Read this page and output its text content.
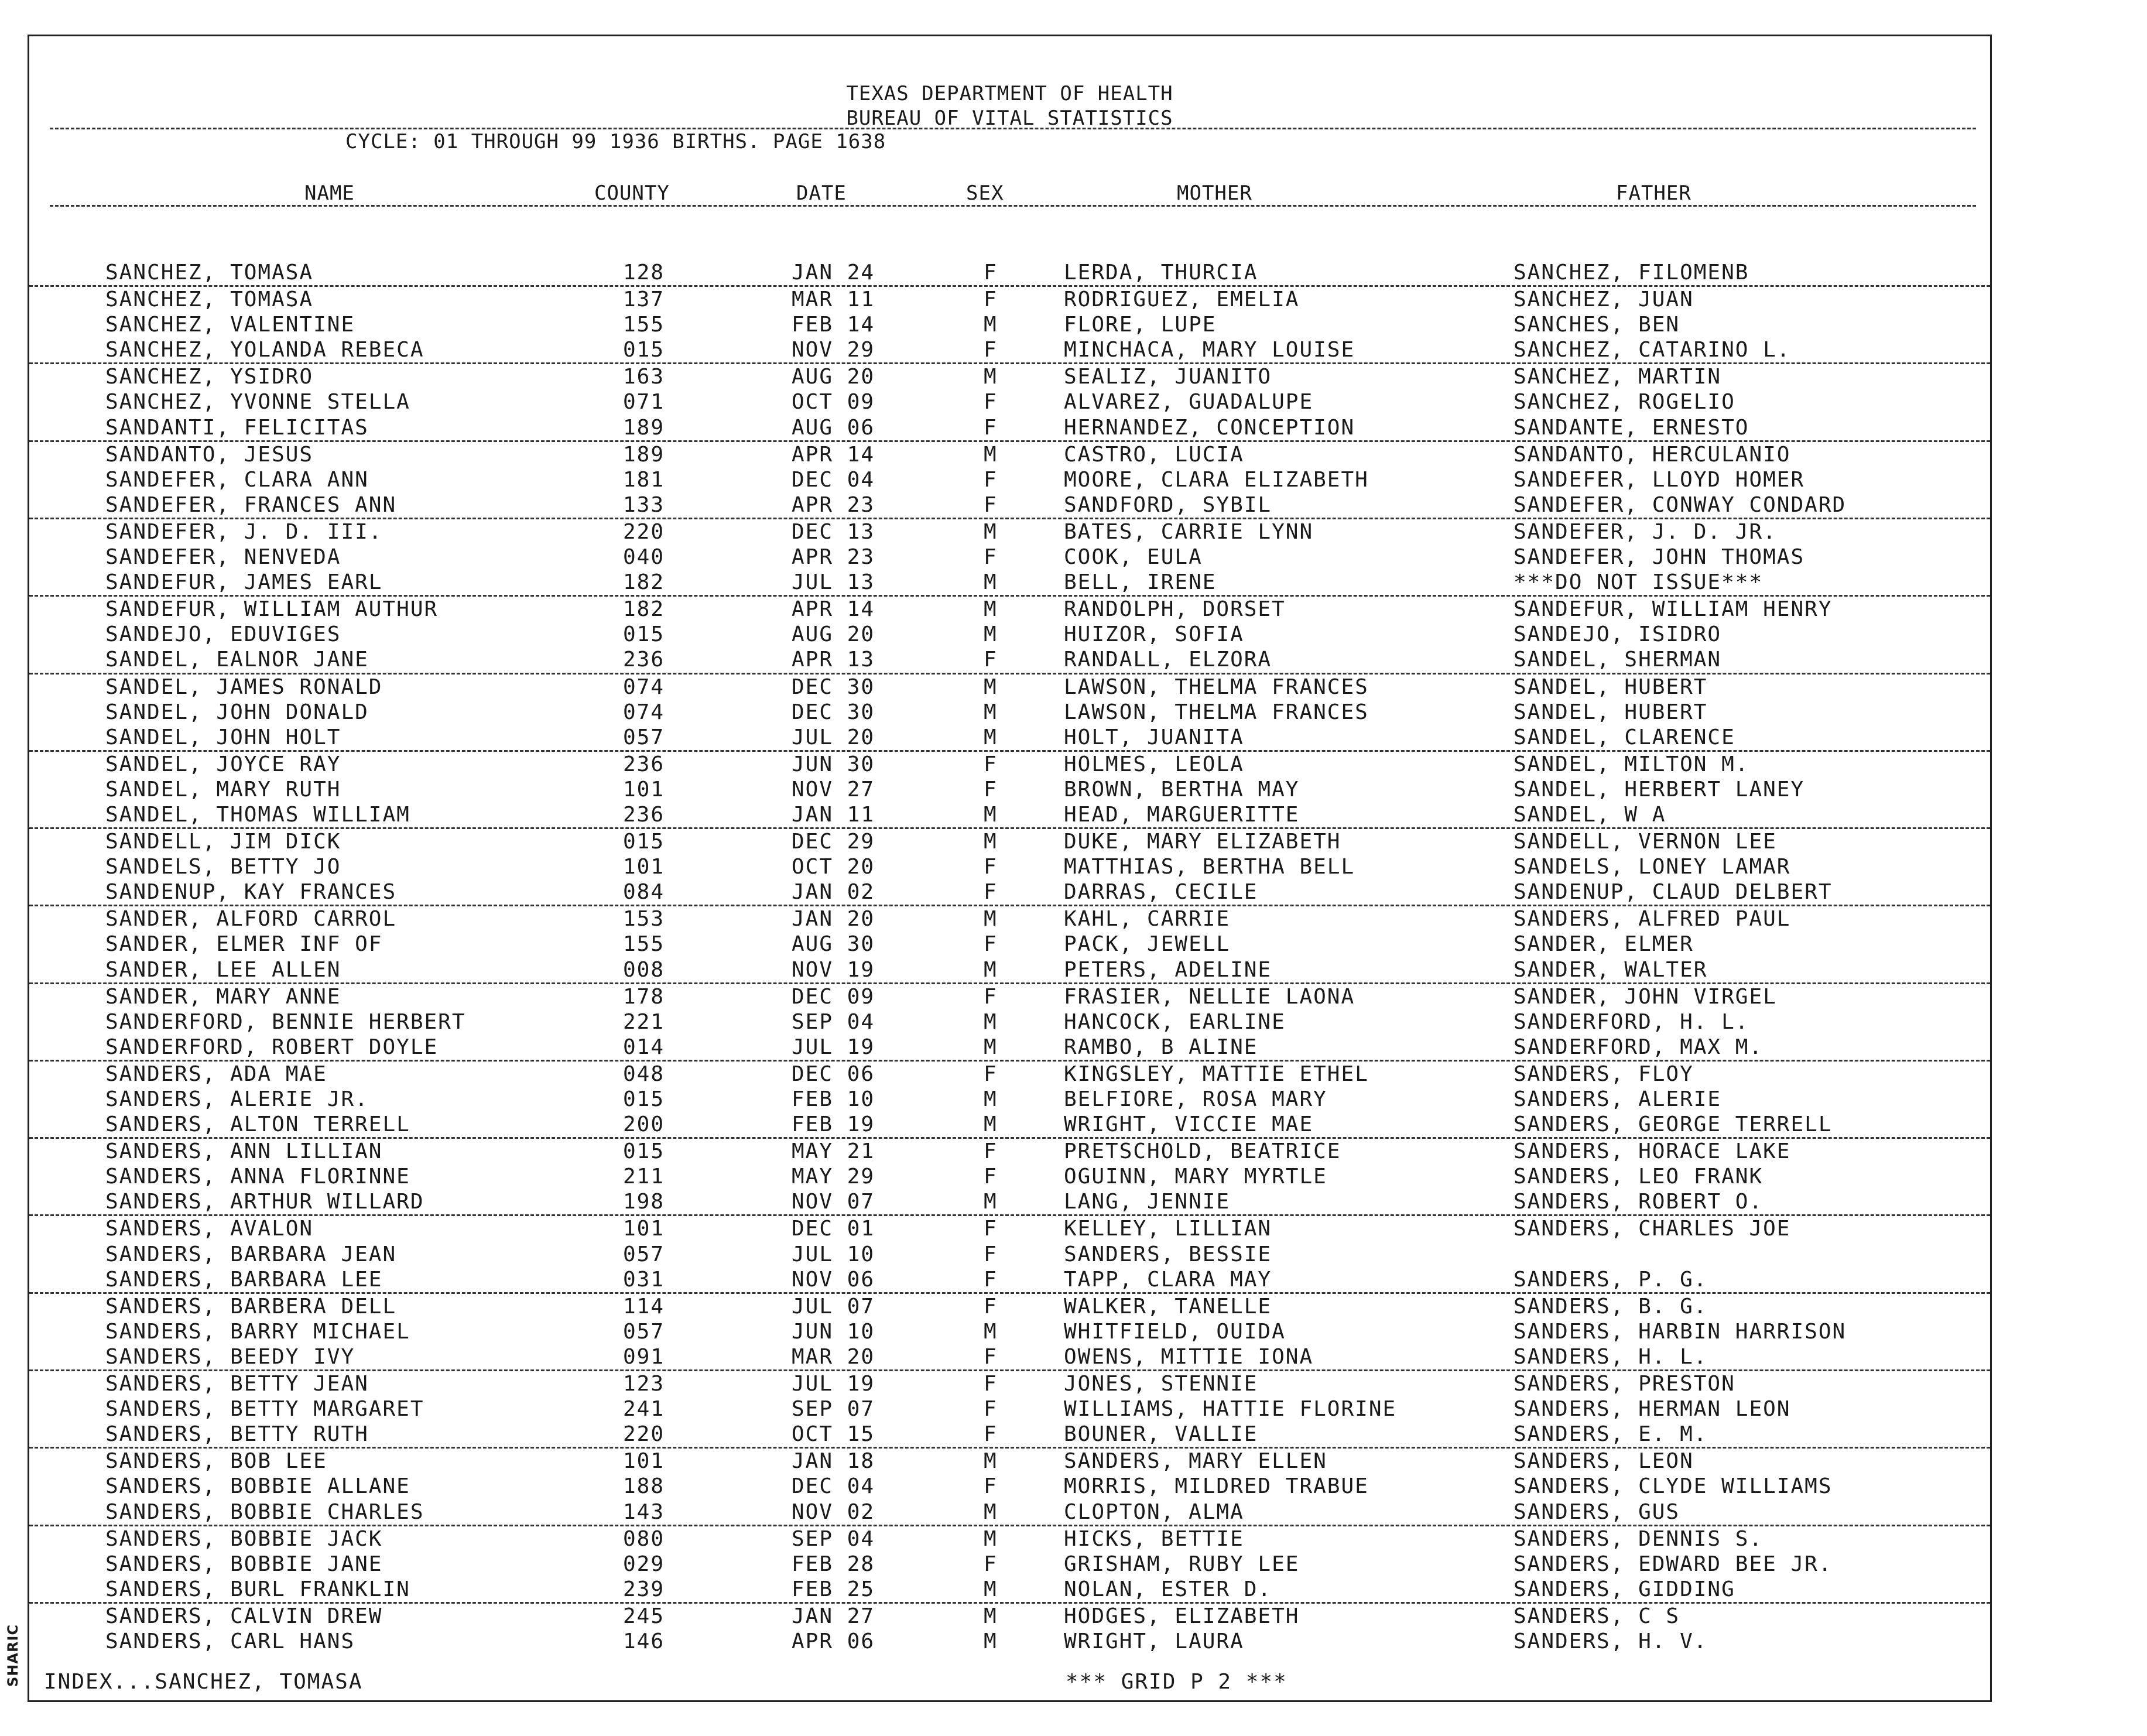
TEXAS DEPARTMENT OF HEALTH
BUREAU OF VITAL STATISTICS
CYCLE: 01 THROUGH 99 1936 BIRTHS. PAGE 1638
NAME	COUNTY	DATE	SEX	MOTHER	FATHER
SANCHEZ, TOMASA	128	JAN 24	F	LERDA, THURCIA	SANCHEZ, FILOMENB
SANCHEZ, TOMASA	137	MAR 11	F	RODRIGUEZ, EMELIA	SANCHEZ, JUAN
SANCHEZ, VALENTINE	155	FEB 14	M	FLORE, LUPE	SANCHES, BEN
SANCHEZ, YOLANDA REBECA	015	NOV 29	F	MINCHACA, MARY LOUISE	SANCHEZ, CATARINO L.
SANCHEZ, YSIDRO	163	AUG 20	M	SEALIZ, JUANITO	SANCHEZ, MARTIN
SANCHEZ, YVONNE STELLA	071	OCT 09	F	ALVAREZ, GUADALUPE	SANCHEZ, ROGELIO
SANDANTI, FELICITAS	189	AUG 06	F	HERNANDEZ, CONCEPTION	SANDANTE, ERNESTO
SANDANTO, JESUS	189	APR 14	M	CASTRO, LUCIA	SANDANTO, HERCULANIO
SANDEFER, CLARA ANN	181	DEC 04	F	MOORE, CLARA ELIZABETH	SANDEFER, LLOYD HOMER
SANDEFER, FRANCES ANN	133	APR 23	F	SANDFORD, SYBIL	SANDEFER, CONWAY CONDARD
SANDEFER, J. D. III.	220	DEC 13	M	BATES, CARRIE LYNN	SANDEFER, J. D. JR.
SANDEFER, NENVEDA	040	APR 23	F	COOK, EULA	SANDEFER, JOHN THOMAS
SANDEFUR, JAMES EARL	182	JUL 13	M	BELL, IRENE	***DO NOT ISSUE***
SANDEFUR, WILLIAM AUTHUR	182	APR 14	M	RANDOLPH, DORSET	SANDEFUR, WILLIAM HENRY
SANDEJO, EDUVIGES	015	AUG 20	M	HUIZOR, SOFIA	SANDEJO, ISIDRO
SANDEL, EALNOR JANE	236	APR 13	F	RANDALL, ELZORA	SANDEL, SHERMAN
SANDEL, JAMES RONALD	074	DEC 30	M	LAWSON, THELMA FRANCES	SANDEL, HUBERT
SANDEL, JOHN DONALD	074	DEC 30	M	LAWSON, THELMA FRANCES	SANDEL, HUBERT
SANDEL, JOHN HOLT	057	JUL 20	M	HOLT, JUANITA	SANDEL, CLARENCE
SANDEL, JOYCE RAY	236	JUN 30	F	HOLMES, LEOLA	SANDEL, MILTON M.
SANDEL, MARY RUTH	101	NOV 27	F	BROWN, BERTHA MAY	SANDEL, HERBERT LANEY
SANDEL, THOMAS WILLIAM	236	JAN 11	M	HEAD, MARGUERITTE	SANDEL, W A
SANDELL, JIM DICK	015	DEC 29	M	DUKE, MARY ELIZABETH	SANDELL, VERNON LEE
SANDELS, BETTY JO	101	OCT 20	F	MATTHIAS, BERTHA BELL	SANDELS, LONEY LAMAR
SANDENUP, KAY FRANCES	084	JAN 02	F	DARRAS, CECILE	SANDENUP, CLAUD DELBERT
SANDER, ALFORD CARROL	153	JAN 20	M	KAHL, CARRIE	SANDERS, ALFRED PAUL
SANDER, ELMER INF OF	155	AUG 30	F	PACK, JEWELL	SANDER, ELMER
SANDER, LEE ALLEN	008	NOV 19	M	PETERS, ADELINE	SANDER, WALTER
SANDER, MARY ANNE	178	DEC 09	F	FRASIER, NELLIE LAONA	SANDER, JOHN VIRGEL
SANDERFORD, BENNIE HERBERT	221	SEP 04	M	HANCOCK, EARLINE	SANDERFORD, H. L.
SANDERFORD, ROBERT DOYLE	014	JUL 19	M	RAMBO, B ALINE	SANDERFORD, MAX M.
SANDERS, ADA MAE	048	DEC 06	F	KINGSLEY, MATTIE ETHEL	SANDERS, FLOY
SANDERS, ALERIE JR.	015	FEB 10	M	BELFIORE, ROSA MARY	SANDERS, ALERIE
SANDERS, ALTON TERRELL	200	FEB 19	M	WRIGHT, VICCIE MAE	SANDERS, GEORGE TERRELL
SANDERS, ANN LILLIAN	015	MAY 21	F	PRETSCHOLD, BEATRICE	SANDERS, HORACE LAKE
SANDERS, ANNA FLORINNE	211	MAY 29	F	OGUINN, MARY MYRTLE	SANDERS, LEO FRANK
SANDERS, ARTHUR WILLARD	198	NOV 07	M	LANG, JENNIE	SANDERS, ROBERT O.
SANDERS, AVALON	101	DEC 01	F	KELLEY, LILLIAN	SANDERS, CHARLES JOE
SANDERS, BARBARA JEAN	057	JUL 10	F	SANDERS, BESSIE
SANDERS, BARBARA LEE	031	NOV 06	F	TAPP, CLARA MAY	SANDERS, P. G.
SANDERS, BARBERA DELL	114	JUL 07	F	WALKER, TANELLE	SANDERS, B. G.
SANDERS, BARRY MICHAEL	057	JUN 10	M	WHITFIELD, OUIDA	SANDERS, HARBIN HARRISON
SANDERS, BEEDY IVY	091	MAR 20	F	OWENS, MITTIE IONA	SANDERS, H. L.
SANDERS, BETTY JEAN	123	JUL 19	F	JONES, STENNIE	SANDERS, PRESTON
SANDERS, BETTY MARGARET	241	SEP 07	F	WILLIAMS, HATTIE FLORINE	SANDERS, HERMAN LEON
SANDERS, BETTY RUTH	220	OCT 15	F	BOUNER, VALLIE	SANDERS, E. M.
SANDERS, BOB LEE	101	JAN 18	M	SANDERS, MARY ELLEN	SANDERS, LEON
SANDERS, BOBBIE ALLANE	188	DEC 04	F	MORRIS, MILDRED TRABUE	SANDERS, CLYDE WILLIAMS
SANDERS, BOBBIE CHARLES	143	NOV 02	M	CLOPTON, ALMA	SANDERS, GUS
SANDERS, BOBBIE JACK	080	SEP 04	M	HICKS, BETTIE	SANDERS, DENNIS S.
SANDERS, BOBBIE JANE	029	FEB 28	F	GRISHAM, RUBY LEE	SANDERS, EDWARD BEE JR.
SANDERS, BURL FRANKLIN	239	FEB 25	M	NOLAN, ESTER D.	SANDERS, GIDDING
SANDERS, CALVIN DREW	245	JAN 27	M	HODGES, ELIZABETH	SANDERS, C S
SANDERS, CARL HANS	146	APR 06	M	WRIGHT, LAURA	SANDERS, H. V.
INDEX...SANCHEZ, TOMASA	*** GRID P 2 ***
SHARIC
